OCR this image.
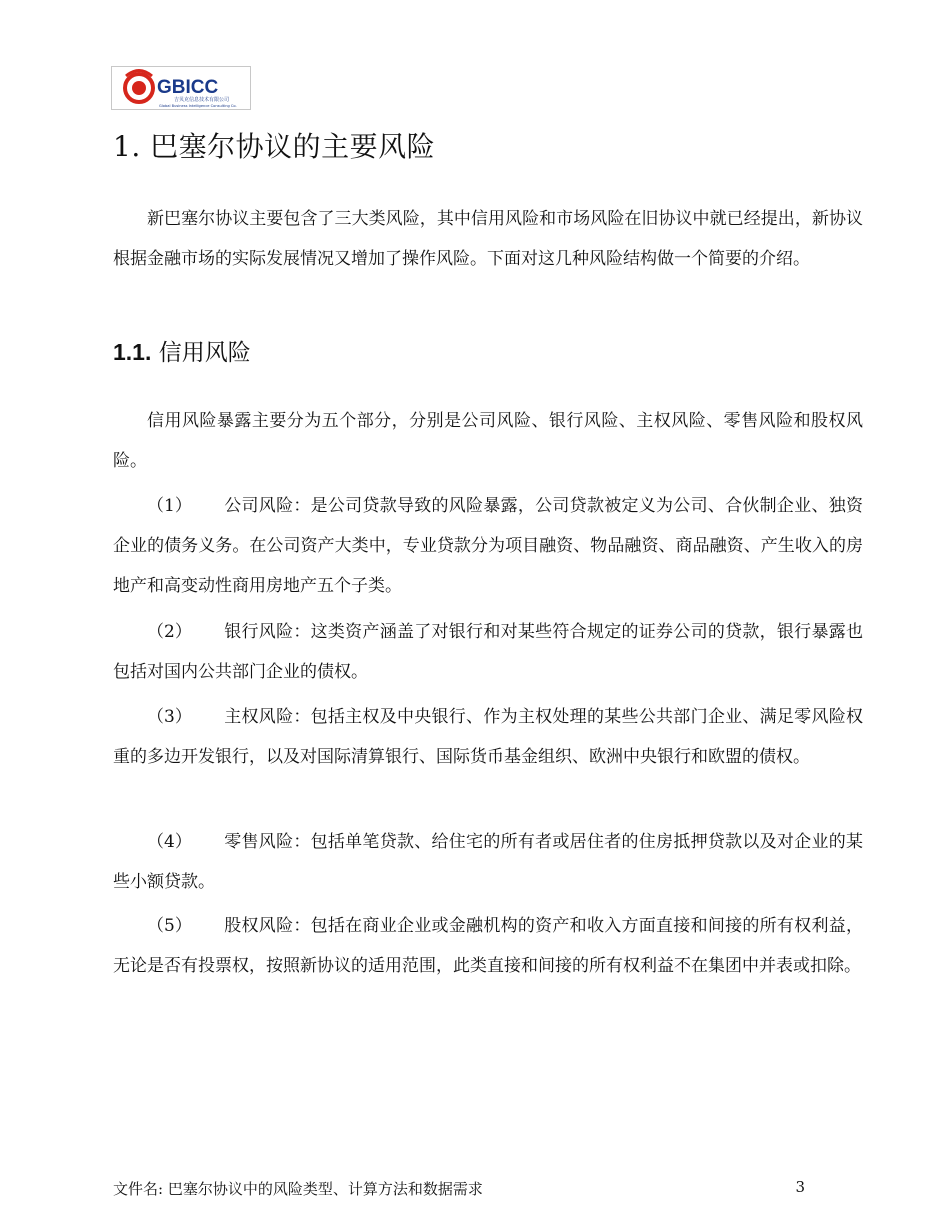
GBICC
吉贝克信息技术有限公司
Global Business Intelligence Consulting Co.
1. 巴塞尔协议的主要风险

新巴塞尔协议主要包含了三大类风险，其中信用风险和市场风险在旧协议中就已经提出，新协议根据金融市场的实际发展情况又增加了操作风险。下面对这几种风险结构做一个简要的介绍。

1.1. 信用风险

信用风险暴露主要分为五个部分，分别是公司风险、银行风险、主权风险、零售风险和股权风险。

（1） 公司风险：是公司贷款导致的风险暴露，公司贷款被定义为公司、合伙制企业、独资企业的债务义务。在公司资产大类中，专业贷款分为项目融资、物品融资、商品融资、产生收入的房地产和高变动性商用房地产五个子类。

（2） 银行风险：这类资产涵盖了对银行和对某些符合规定的证券公司的贷款，银行暴露也包括对国内公共部门企业的债权。

（3） 主权风险：包括主权及中央银行、作为主权处理的某些公共部门企业、满足零风险权重的多边开发银行，以及对国际清算银行、国际货币基金组织、欧洲中央银行和欧盟的债权。

（4） 零售风险：包括单笔贷款、给住宅的所有者或居住者的住房抵押贷款以及对企业的某些小额贷款。

（5） 股权风险：包括在商业企业或金融机构的资产和收入方面直接和间接的所有权利益，无论是否有投票权，按照新协议的适用范围，此类直接和间接的所有权利益不在集团中并表或扣除。

文件名: 巴塞尔协议中的风险类型、计算方法和数据需求	3
